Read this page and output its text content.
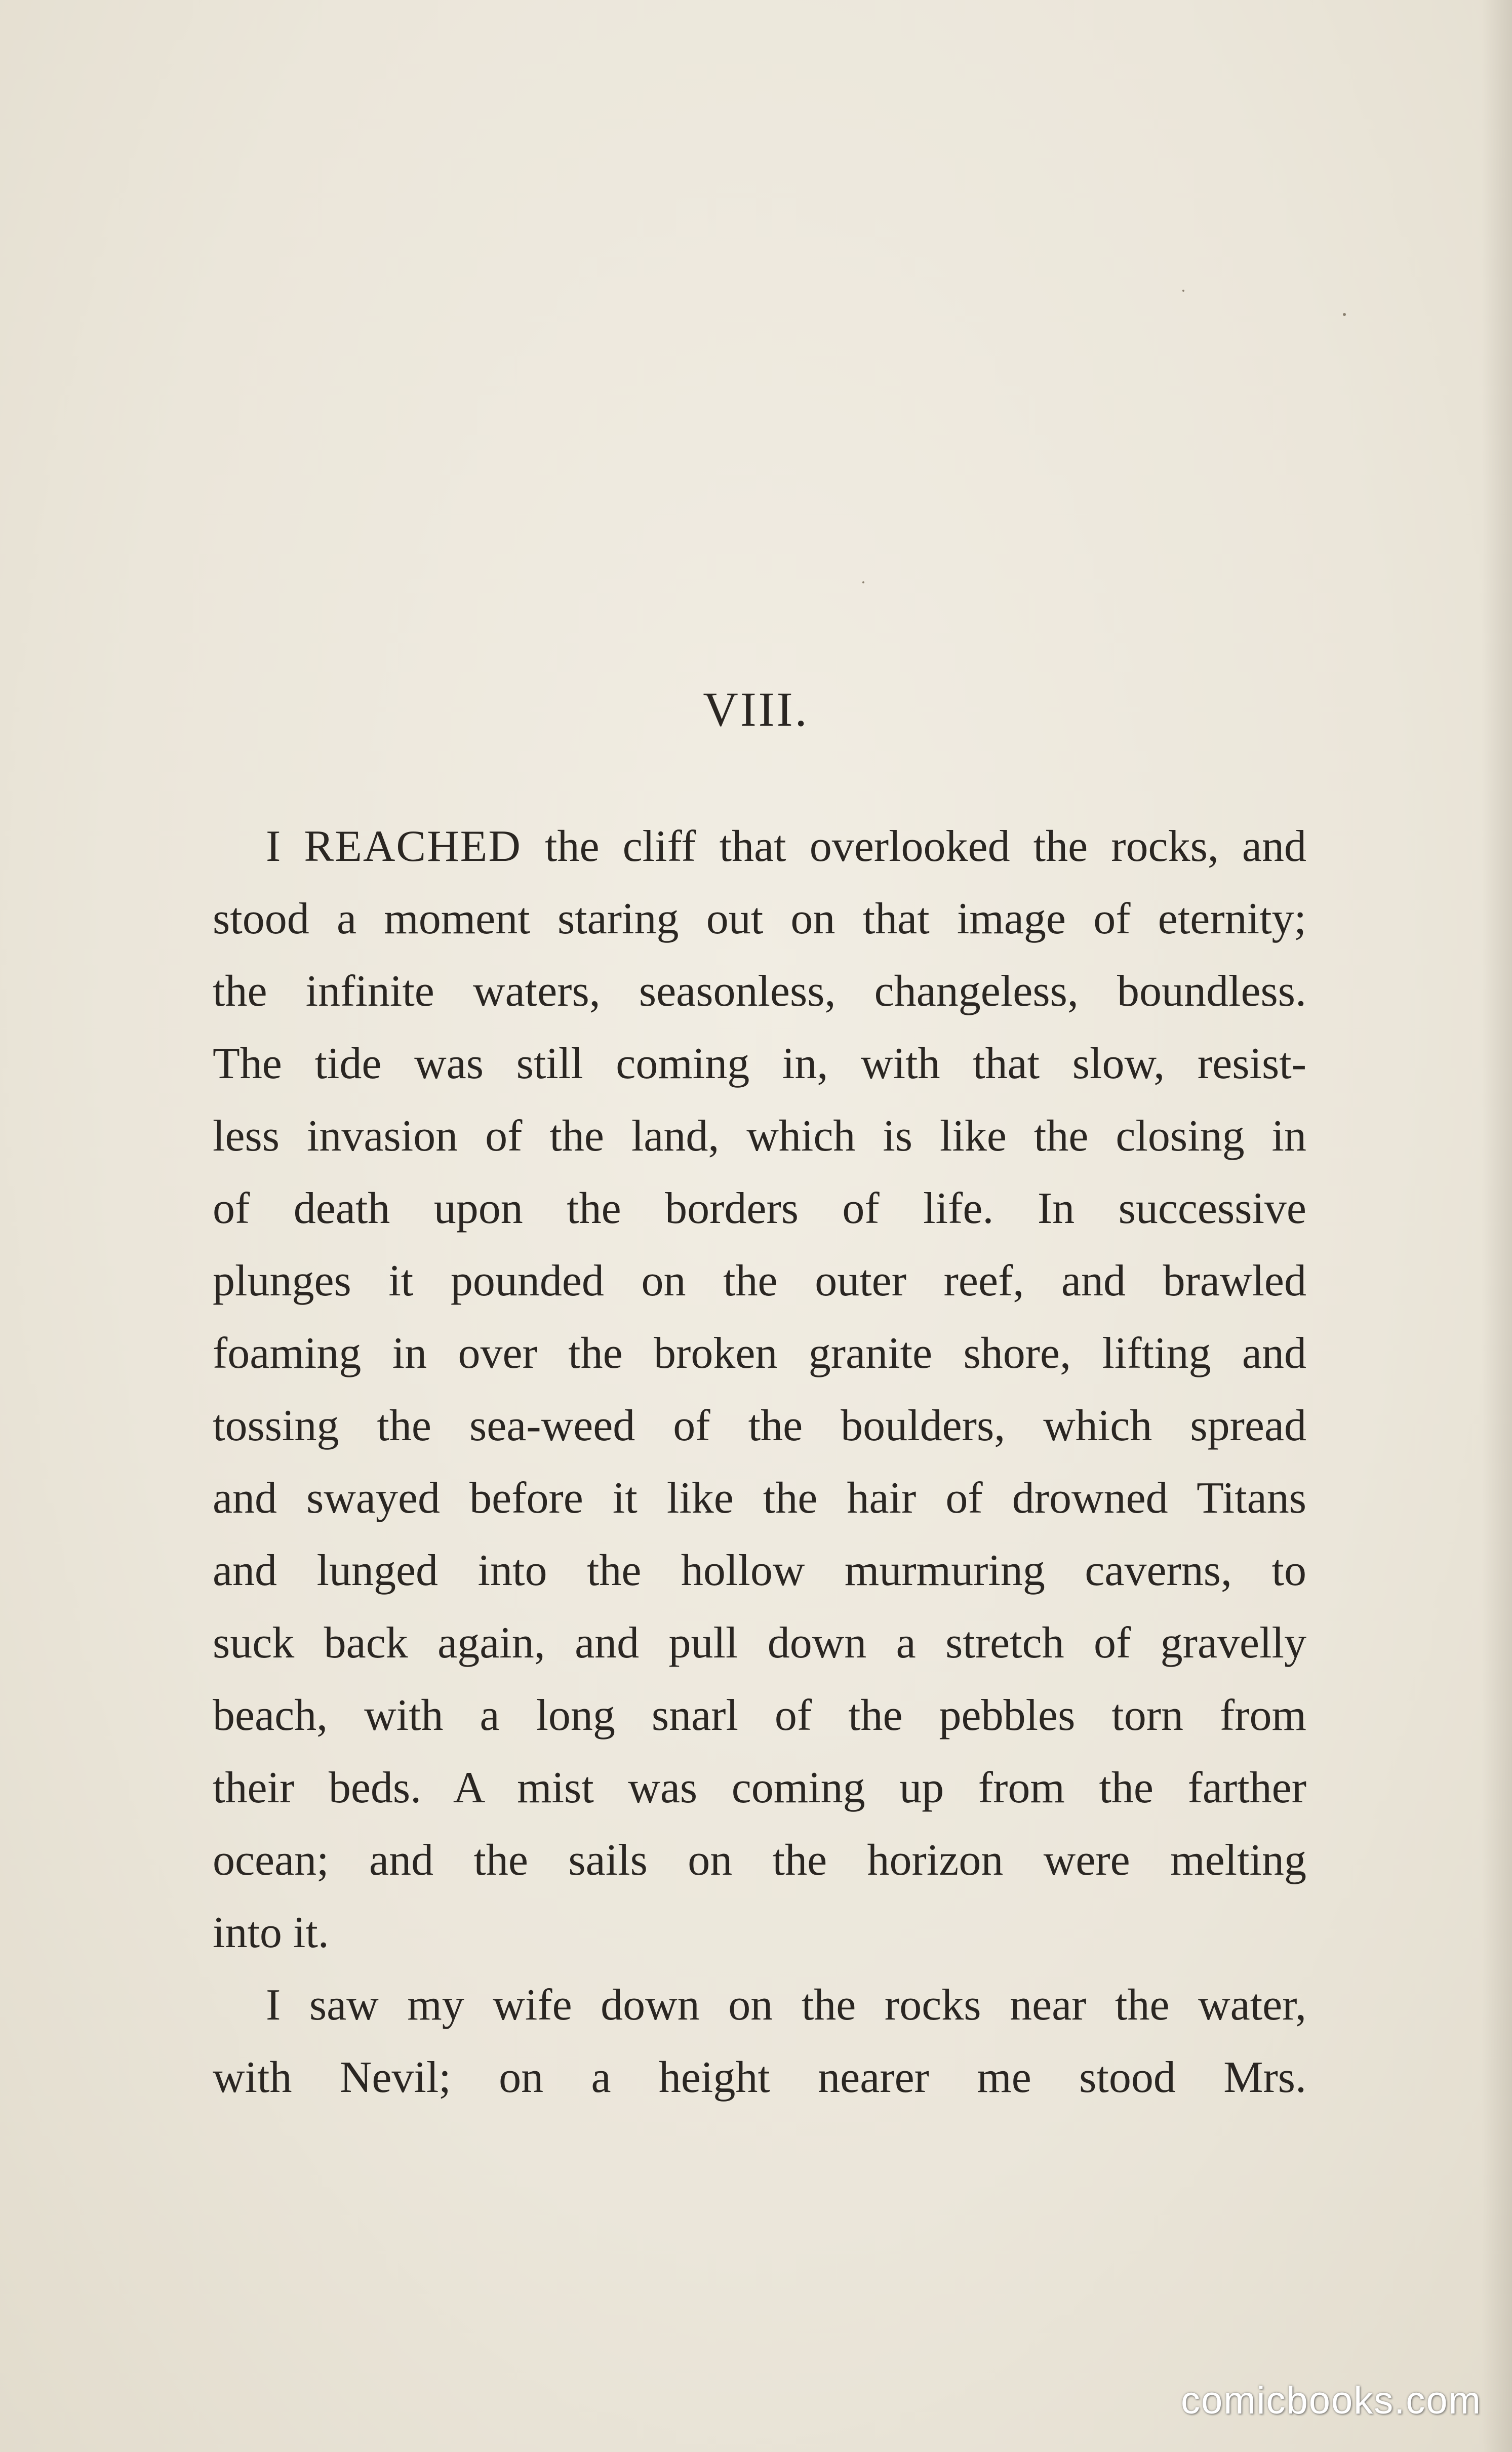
VIII.
I REACHED the cliff that overlooked the rocks, and
stood a moment staring out on that image of eternity;
the infinite waters, seasonless, changeless, boundless.
The tide was still coming in, with that slow, resist-
less invasion of the land, which is like the closing in
of death upon the borders of life. In successive
plunges it pounded on the outer reef, and brawled
foaming in over the broken granite shore, lifting and
tossing the sea-weed of the boulders, which spread
and swayed before it like the hair of drowned Titans
and lunged into the hollow murmuring caverns, to
suck back again, and pull down a stretch of gravelly
beach, with a long snarl of the pebbles torn from
their beds. A mist was coming up from the farther
ocean; and the sails on the horizon were melting
into it.
I saw my wife down on the rocks near the water,
with Nevil; on a height nearer me stood Mrs.
comicbooks.com
